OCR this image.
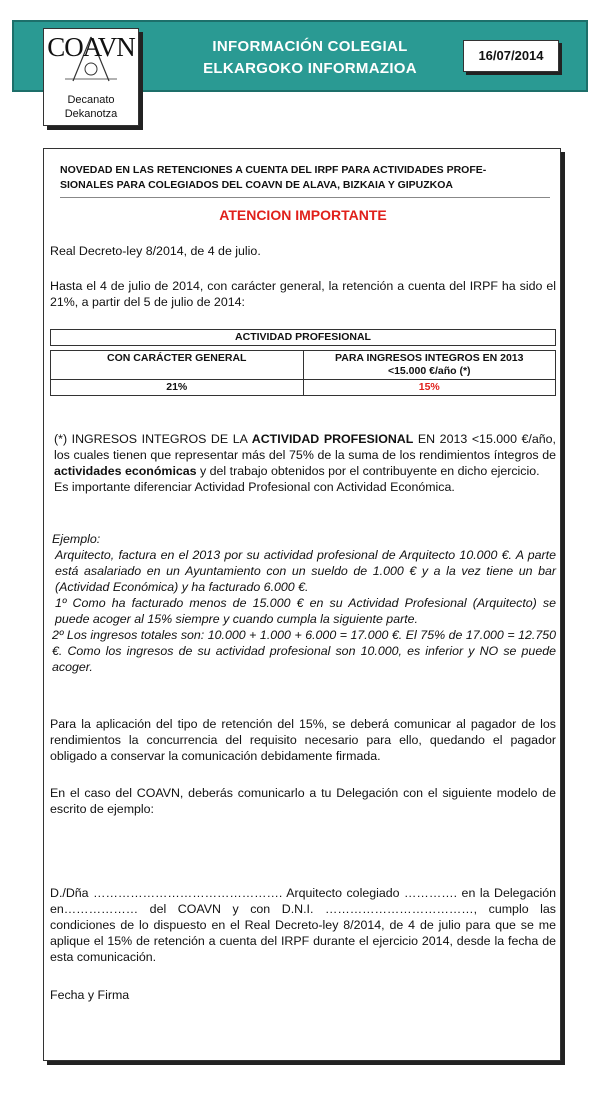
COAVN
Decanato
Dekanotza
INFORMACIÓN COLEGIAL
ELKARGOKO INFORMAZIOA
16/07/2014
NOVEDAD EN LAS RETENCIONES A CUENTA DEL IRPF PARA ACTIVIDADES PROFE-
SIONALES PARA COLEGIADOS DEL COAVN DE ALAVA, BIZKAIA Y GIPUZKOA
ATENCION IMPORTANTE
Real Decreto-ley 8/2014, de 4 de julio.
Hasta el 4 de julio de 2014, con carácter general, la retención a cuenta del IRPF ha sido el 21%, a partir del 5 de julio de 2014:
ACTIVIDAD PROFESIONAL	

CON CARÁCTER GENERAL	PARA INGRESOS INTEGROS EN 2013
<15.000 €/año (*)

21%	15%
(*) INGRESOS INTEGROS DE LA ACTIVIDAD PROFESIONAL EN 2013 <15.000 €/año, los cuales tienen que representar más del 75% de la suma de los rendimientos íntegros de actividades económicas y del trabajo obtenidos por el contribuyente en dicho ejercicio.
Es importante diferenciar Actividad Profesional con Actividad Económica.
Ejemplo:
Arquitecto, factura en el 2013 por su actividad profesional de Arquitecto 10.000 €. A parte está asalariado en un Ayuntamiento con un sueldo de 1.000 € y a la vez tiene un bar (Actividad Económica) y ha facturado 6.000 €.
1º Como ha facturado menos de 15.000 € en su Actividad Profesional (Arquitecto) se puede acoger al 15% siempre y cuando cumpla la siguiente parte.
2º Los ingresos totales son: 10.000 + 1.000 + 6.000 = 17.000 €. El 75% de 17.000 = 12.750 €. Como los ingresos de su actividad profesional son 10.000, es inferior y NO se puede acoger.
Para la aplicación del tipo de retención del 15%, se deberá comunicar al pagador de los rendimientos la concurrencia del requisito necesario para ello, quedando el pagador obligado a conservar la comunicación debidamente firmada.
En el caso del COAVN, deberás comunicarlo a tu Delegación con el siguiente modelo de escrito de ejemplo:
D./Dña ………………………………………. Arquitecto colegiado …………. en la Delegación en……………… del COAVN y con D.N.I. ………………………………, cumplo las condiciones de lo dispuesto en el Real Decreto-ley 8/2014, de 4 de julio para que se me aplique el 15% de retención a cuenta del IRPF durante el ejercicio 2014, desde la fecha de esta comunicación.
Fecha y Firma
